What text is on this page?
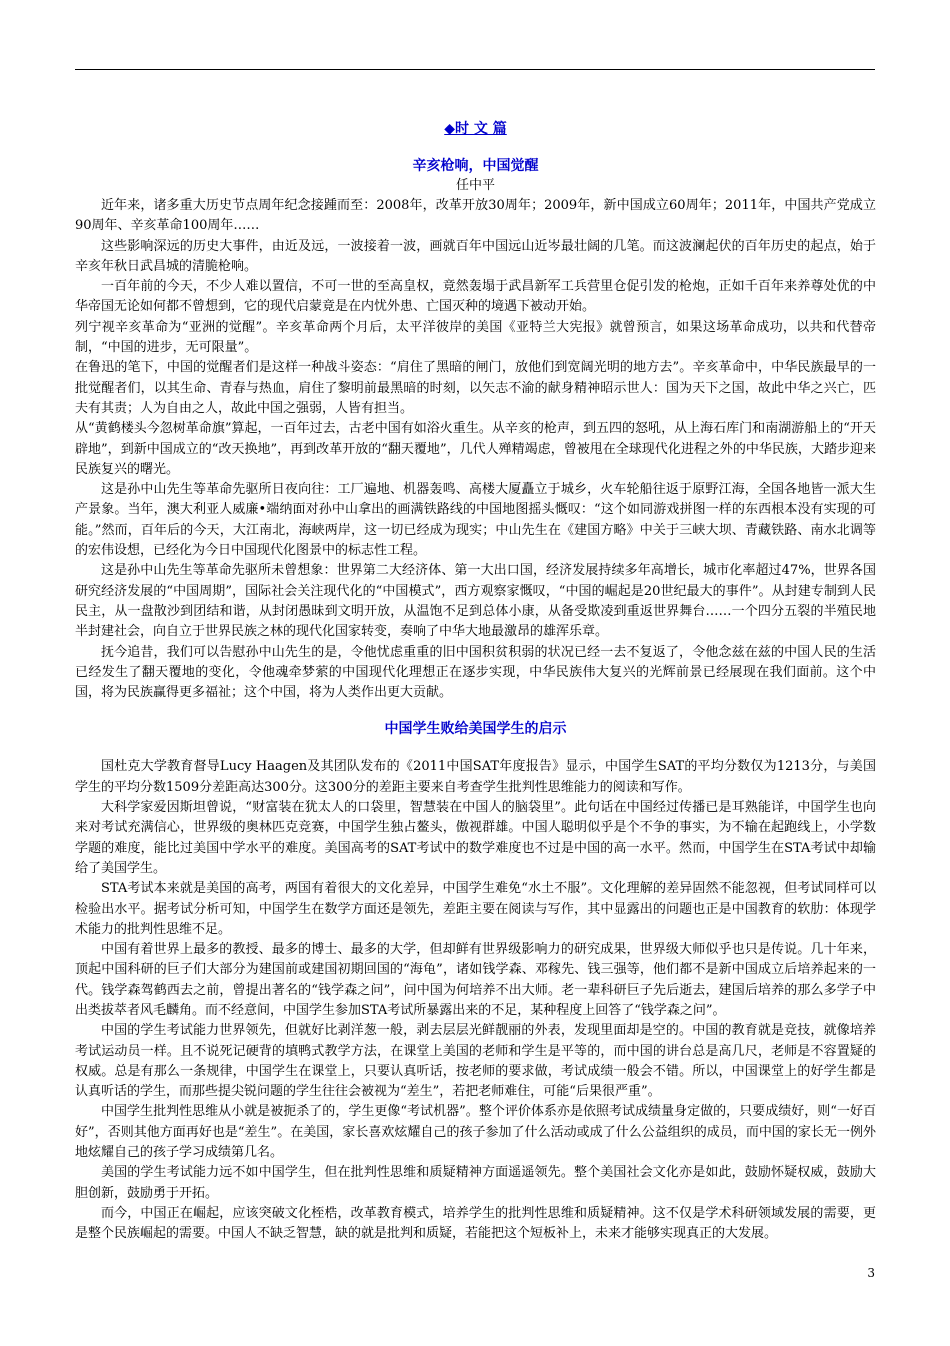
◆时 文 篇
辛亥枪响，中国觉醒
任中平

近年来，诸多重大历史节点周年纪念接踵而至：2008年，改革开放30周年；2009年，新中国成立60周年；2011年，中国共产党成立90周年、辛亥革命100周年……

这些影响深远的历史大事件，由近及远，一波接着一波，画就百年中国远山近岑最壮阔的几笔。而这波澜起伏的百年历史的起点，始于辛亥年秋日武昌城的清脆枪响。

一百年前的今天，不少人难以置信，不可一世的至高皇权，竟然轰塌于武昌新军工兵营里仓促引发的枪炮，正如千百年来养尊处优的中华帝国无论如何都不曾想到，它的现代启蒙竟是在内忧外患、亡国灭种的境遇下被动开始。

列宁视辛亥革命为“亚洲的觉醒”。辛亥革命两个月后，太平洋彼岸的美国《亚特兰大宪报》就曾预言，如果这场革命成功，以共和代替帝制，“中国的进步，无可限量”。

在鲁迅的笔下，中国的觉醒者们是这样一种战斗姿态：“肩住了黑暗的闸门，放他们到宽阔光明的地方去”。辛亥革命中，中华民族最早的一批觉醒者们，以其生命、青春与热血，肩住了黎明前最黑暗的时刻，以矢志不渝的献身精神昭示世人：国为天下之国，故此中华之兴亡，匹夫有其责；人为自由之人，故此中国之强弱，人皆有担当。

从“黄鹤楼头今忽树革命旗”算起，一百年过去，古老中国有如浴火重生。从辛亥的枪声，到五四的怒吼，从上海石库门和南湖游船上的“开天辟地”，到新中国成立的“改天换地”，再到改革开放的“翻天覆地”，几代人殚精竭虑，曾被甩在全球现代化进程之外的中华民族，大踏步迎来民族复兴的曙光。

这是孙中山先生等革命先驱所日夜向往：工厂遍地、机器轰鸣、高楼大厦矗立于城乡，火车轮船往返于原野江海，全国各地皆一派大生产景象。当年，澳大利亚人威廉•端纳面对孙中山拿出的画满铁路线的中国地图摇头慨叹：“这个如同游戏拼图一样的东西根本没有实现的可能。”然而，百年后的今天，大江南北，海峡两岸，这一切已经成为现实；中山先生在《建国方略》中关于三峡大坝、青藏铁路、南水北调等的宏伟设想，已经化为今日中国现代化图景中的标志性工程。

这是孙中山先生等革命先驱所未曾想象：世界第二大经济体、第一大出口国，经济发展持续多年高增长，城市化率超过47%，世界各国研究经济发展的“中国周期”，国际社会关注现代化的“中国模式”，西方观察家慨叹，“中国的崛起是20世纪最大的事件”。从封建专制到人民民主，从一盘散沙到团结和谐，从封闭愚昧到文明开放，从温饱不足到总体小康，从备受欺凌到重返世界舞台……一个四分五裂的半殖民地半封建社会，向自立于世界民族之林的现代化国家转变，奏响了中华大地最激昂的雄浑乐章。

抚今追昔，我们可以告慰孙中山先生的是，令他忧虑重重的旧中国积贫积弱的状况已经一去不复返了，令他念兹在兹的中国人民的生活已经发生了翻天覆地的变化，令他魂牵梦萦的中国现代化理想正在逐步实现，中华民族伟大复兴的光辉前景已经展现在我们面前。这个中国，将为民族赢得更多福祉；这个中国，将为人类作出更大贡献。

中国学生败给美国学生的启示

国杜克大学教育督导Lucy Haagen及其团队发布的《2011中国SAT年度报告》显示，中国学生SAT的平均分数仅为1213分，与美国学生的平均分数1509分差距高达300分。这300分的差距主要来自考查学生批判性思维能力的阅读和写作。

大科学家爱因斯坦曾说，“财富装在犹太人的口袋里，智慧装在中国人的脑袋里”。此句话在中国经过传播已是耳熟能详，中国学生也向来对考试充满信心，世界级的奥林匹克竞赛，中国学生独占鳌头，傲视群雄。中国人聪明似乎是个不争的事实，为不输在起跑线上，小学数学题的难度，能比过美国中学水平的难度。美国高考的SAT考试中的数学难度也不过是中国的高一水平。然而，中国学生在STA考试中却输给了美国学生。

STA考试本来就是美国的高考，两国有着很大的文化差异，中国学生难免“水土不服”。文化理解的差异固然不能忽视，但考试同样可以检验出水平。据考试分析可知，中国学生在数学方面还是领先，差距主要在阅读与写作，其中显露出的问题也正是中国教育的软肋：体现学术能力的批判性思维不足。

中国有着世界上最多的教授、最多的博士、最多的大学，但却鲜有世界级影响力的研究成果，世界级大师似乎也只是传说。几十年来，顶起中国科研的巨子们大部分为建国前或建国初期回国的“海龟”，诸如钱学森、邓稼先、钱三强等，他们都不是新中国成立后培养起来的一代。钱学森驾鹤西去之前，曾提出著名的“钱学森之问”，问中国为何培养不出大师。老一辈科研巨子先后逝去，建国后培养的那么多学子中出类拔萃者风毛麟角。而不经意间，中国学生参加STA考试所暴露出来的不足，某种程度上回答了“钱学森之问”。

中国的学生考试能力世界领先，但就好比剥洋葱一般，剥去层层光鲜靓丽的外表，发现里面却是空的。中国的教育就是竞技，就像培养考试运动员一样。且不说死记硬背的填鸭式教学方法，在课堂上美国的老师和学生是平等的，而中国的讲台总是高几尺，老师是不容置疑的权威。总是有那么一条规律，中国学生在课堂上，只要认真听话，按老师的要求做，考试成绩一般会不错。所以，中国课堂上的好学生都是认真听话的学生，而那些提尖锐问题的学生往往会被视为“差生”，若把老师难住，可能“后果很严重”。

中国学生批判性思维从小就是被扼杀了的，学生更像“考试机器”。整个评价体系亦是依照考试成绩量身定做的，只要成绩好，则“一好百好”，否则其他方面再好也是“差生”。在美国，家长喜欢炫耀自己的孩子参加了什么活动或成了什么公益组织的成员，而中国的家长无一例外地炫耀自己的孩子学习成绩第几名。

美国的学生考试能力远不如中国学生，但在批判性思维和质疑精神方面遥遥领先。整个美国社会文化亦是如此，鼓励怀疑权威，鼓励大胆创新，鼓励勇于开拓。

而今，中国正在崛起，应该突破文化桎梏，改革教育模式，培养学生的批判性思维和质疑精神。这不仅是学术科研领域发展的需要，更是整个民族崛起的需要。中国人不缺乏智慧，缺的就是批判和质疑，若能把这个短板补上，未来才能够实现真正的大发展。

3
